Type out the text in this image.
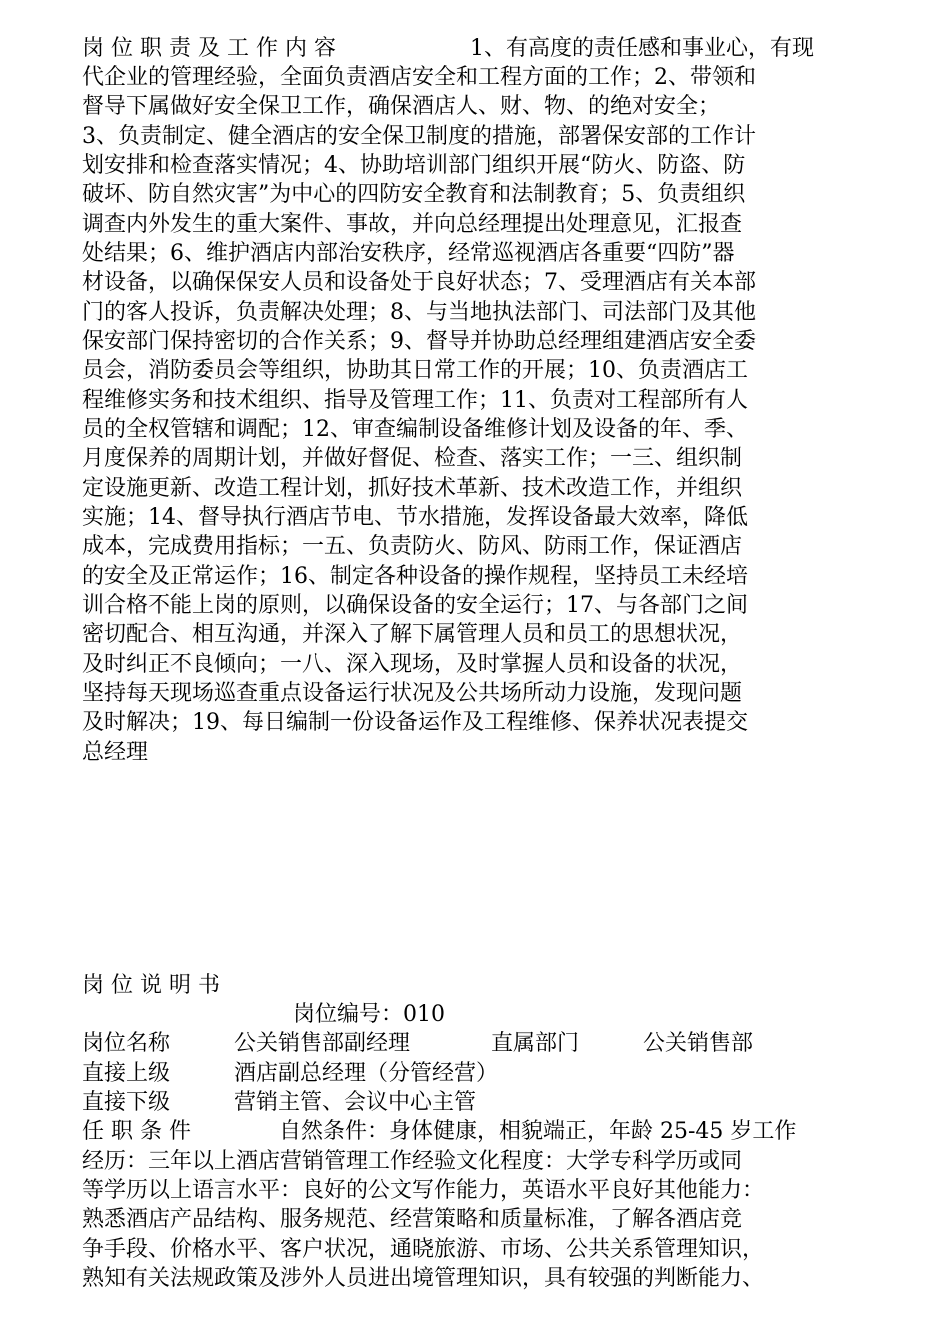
岗 位 职 责 及 工 作 内 容	1、有高度的责任感和事业心，有现
代企业的管理经验，全面负责酒店安全和工程方面的工作；2、带领和
督导下属做好安全保卫工作，确保酒店人、财、物、的绝对安全；
3、负责制定、健全酒店的安全保卫制度的措施，部署保安部的工作计
划安排和检查落实情况；4、协助培训部门组织开展“防火、防盗、防
破坏、防自然灾害”为中心的四防安全教育和法制教育；5、负责组织
调查内外发生的重大案件、事故，并向总经理提出处理意见，汇报查
处结果；6、维护酒店内部治安秩序，经常巡视酒店各重要“四防”器
材设备，以确保保安人员和设备处于良好状态；7、受理酒店有关本部
门的客人投诉，负责解决处理；8、与当地执法部门、司法部门及其他
保安部门保持密切的合作关系；9、督导并协助总经理组建酒店安全委
员会，消防委员会等组织，协助其日常工作的开展；10、负责酒店工
程维修实务和技术组织、指导及管理工作；11、负责对工程部所有人
员的全权管辖和调配；12、审查编制设备维修计划及设备的年、季、
月度保养的周期计划，并做好督促、检查、落实工作；一三、组织制
定设施更新、改造工程计划，抓好技术革新、技术改造工作，并组织
实施；14、督导执行酒店节电、节水措施，发挥设备最大效率，降低
成本，完成费用指标；一五、负责防火、防风、防雨工作，保证酒店
的安全及正常运作；16、制定各种设备的操作规程，坚持员工未经培
训合格不能上岗的原则，以确保设备的安全运行；17、与各部门之间
密切配合、相互沟通，并深入了解下属管理人员和员工的思想状况，
及时纠正不良倾向；一八、深入现场，及时掌握人员和设备的状况，
坚持每天现场巡查重点设备运行状况及公共场所动力设施，发现问题
及时解决；19、每日编制一份设备运作及工程维修、保养状况表提交
总经理
岗 位 说 明 书
岗位编号：010
岗位名称	公关销售部副经理	直属部门	公关销售部
直接上级	酒店副总经理（分管经营）
直接下级	营销主管、会议中心主管
任 职 条 件	自然条件：身体健康，相貌端正，年龄 25-45 岁工作
经历：三年以上酒店营销管理工作经验文化程度：大学专科学历或同
等学历以上语言水平：良好的公文写作能力，英语水平良好其他能力：
熟悉酒店产品结构、服务规范、经营策略和质量标准，了解各酒店竞
争手段、价格水平、客户状况，通晓旅游、市场、公共关系管理知识，
熟知有关法规政策及涉外人员进出境管理知识，具有较强的判断能力、
